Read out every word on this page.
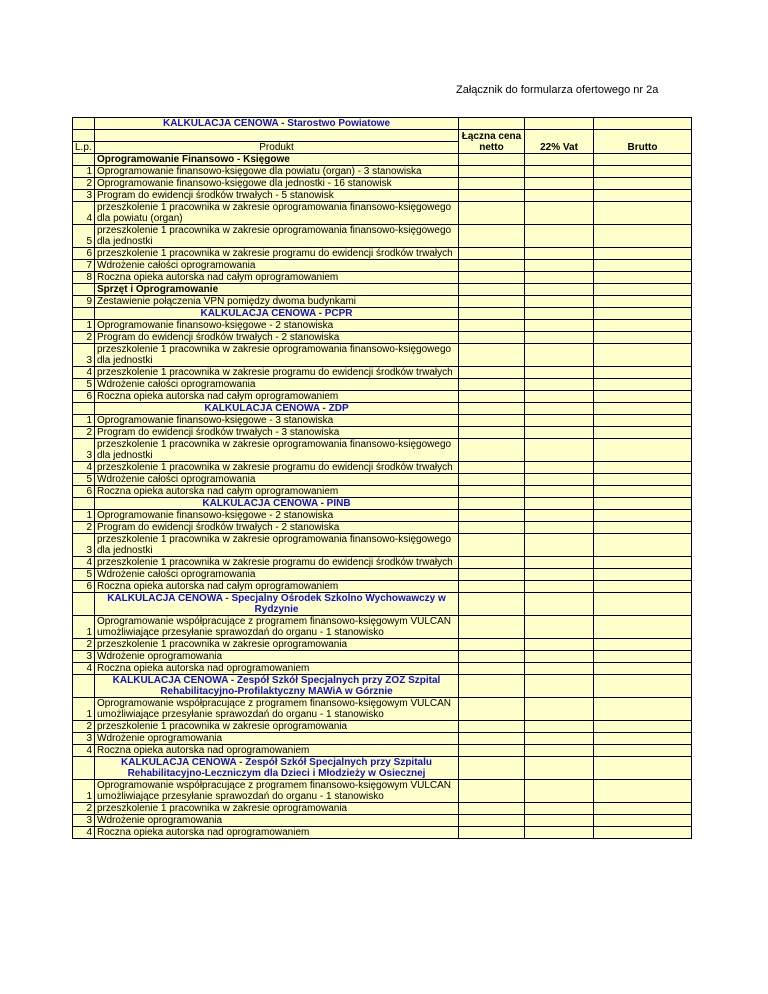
Załącznik do formularza ofertowego nr 2a
	KALKULACJA CENOWA - Starostwo Powiatowe			
		Łączna cena netto	22% Vat	Brutto
L.p.	Produkt			
	Oprogramowanie Finansowo - Księgowe			
1	Oprogramowanie finansowo-księgowe dla powiatu (organ) - 3 stanowiska			
2	Oprogramowanie finansowo-księgowe dla jednostki - 16 stanowisk			
3	Program do ewidencji środków trwałych - 5 stanowisk			
4	przeszkolenie 1 pracownika w zakresie oprogramowania finansowo-księgowego dla powiatu (organ)			
5	przeszkolenie 1 pracownika w zakresie oprogramowania finansowo-księgowego dla jednostki			
6	przeszkolenie 1 pracownika w zakresie programu do ewidencji środków trwałych			
7	Wdrożenie całości oprogramowania			
8	Roczna opieka autorska nad całym oprogramowaniem			
	Sprzęt i Oprogramowanie			
9	Zestawienie połączenia VPN pomiędzy dwoma budynkami			
	KALKULACJA CENOWA - PCPR			
1	Oprogramowanie finansowo-księgowe - 2 stanowiska			
2	Program do ewidencji środków trwałych - 2 stanowiska			
3	przeszkolenie 1 pracownika w zakresie oprogramowania finansowo-księgowego dla jednostki			
4	przeszkolenie 1 pracownika w zakresie programu do ewidencji środków trwałych			
5	Wdrożenie całości oprogramowania			
6	Roczna opieka autorska nad całym oprogramowaniem			
	KALKULACJA CENOWA - ZDP			
1	Oprogramowanie finansowo-księgowe - 3 stanowiska			
2	Program do ewidencji środków trwałych - 3 stanowiska			
3	przeszkolenie 1 pracownika w zakresie oprogramowania finansowo-księgowego dla jednostki			
4	przeszkolenie 1 pracownika w zakresie programu do ewidencji środków trwałych			
5	Wdrożenie całości oprogramowania			
6	Roczna opieka autorska nad całym oprogramowaniem			
	KALKULACJA CENOWA - PINB			
1	Oprogramowanie finansowo-księgowe - 2 stanowiska			
2	Program do ewidencji środków trwałych - 2 stanowiska			
3	przeszkolenie 1 pracownika w zakresie oprogramowania finansowo-księgowego dla jednostki			
4	przeszkolenie 1 pracownika w zakresie programu do ewidencji środków trwałych			
5	Wdrożenie całości oprogramowania			
6	Roczna opieka autorska nad całym oprogramowaniem			
	KALKULACJA CENOWA - Specjalny Ośrodek Szkolno Wychowawczy w Rydzynie			
1	Oprogramowanie współpracujące z programem finansowo-księgowym VULCAN umożliwiające przesyłanie sprawozdań do organu - 1 stanowisko			
2	przeszkolenie 1 pracownika w zakresie oprogramowania			
3	Wdrożenie oprogramowania			
4	Roczna opieka autorska nad oprogramowaniem			
	KALKULACJA CENOWA - Zespół Szkół Specjalnych przy ZOZ Szpital Rehabilitacyjno-Profilaktyczny MAWiA w Górznie			
1	Oprogramowanie współpracujące z programem finansowo-księgowym VULCAN umożliwiające przesyłanie sprawozdań do organu - 1 stanowisko			
2	przeszkolenie 1 pracownika w zakresie oprogramowania			
3	Wdrożenie oprogramowania			
4	Roczna opieka autorska nad oprogramowaniem			
	KALKULACJA CENOWA - Zespół Szkół Specjalnych przy Szpitalu Rehabilitacyjno-Leczniczym dla Dzieci i Młodzieży w Osiecznej			
1	Oprogramowanie współpracujące z programem finansowo-księgowym VULCAN umożliwiające przesyłanie sprawozdań do organu - 1 stanowisko			
2	przeszkolenie 1 pracownika w zakresie oprogramowania			
3	Wdrożenie oprogramowania			
4	Roczna opieka autorska nad oprogramowaniem			
